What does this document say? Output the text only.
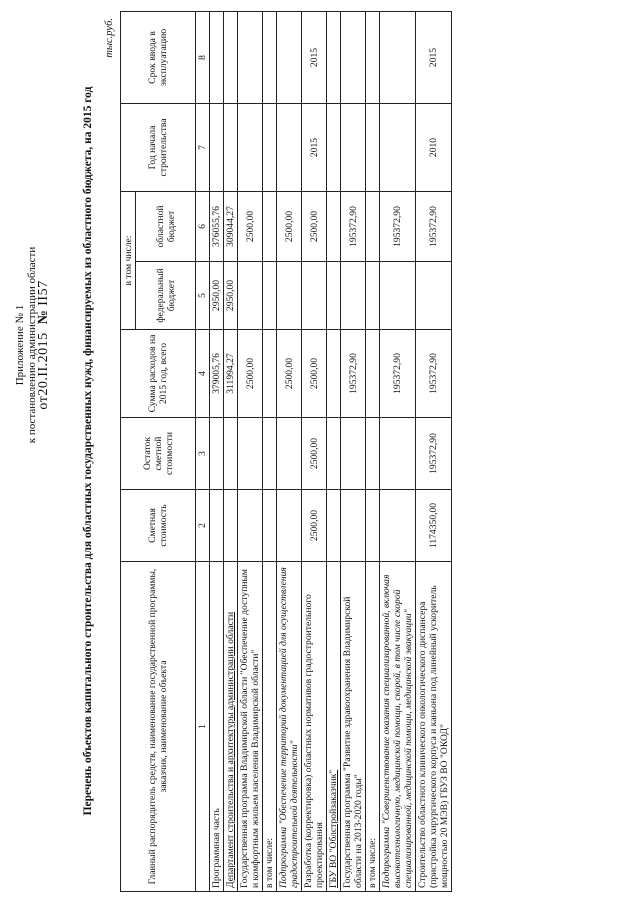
Приложение № 1 к постановлению администрации области
от20.II.2015 №II57	Перечень объектов капитального строительства для областных государственных нужд, финансируемых из областного бюджета, на 2015 год
тыс.руб.
Главный распорядитель средств, наименование государственной программы, заказчик, наименование объекта	Сметная стоимость	Остаток сметной стоимости	Сумма расходов на 2015 год, всего	в том числе:		Год начала строительства	Срок ввода в эксплуатацию
				федеральный бюджет	областной бюджет		
1	2	3	4	5	6	7	8
Программная часть			379005,76	2950,00	376055,76		
Департамент строительства и архитектуры администрации области			311994,27	2950,00	309044,27		
Государственная программа Владимирской области "Обеспечение доступным и комфортным жильем населения Владимирской области"			2500,00		2500,00		
в том числе:							
Подпрограмма "Обеспечение территорий документацией для осуществления градостроительной деятельности"			2500,00		2500,00		
Разработка (корректировка) областных нормативов градостроительного проектирования	2500,00	2500,00	2500,00		2500,00	2015	2015
ГБУ ВО "Облстройзаказчик"							
Государственная программа "Развитие здравоохранения Владимирской области на 2013-2020 годы"			195372,90		195372,90		
в том числе:							
Подпрограмма "Совершенствование оказания специализированной, включая высокотехнологичную, медицинской помощи, скорой, в том числе скорой специализированной, медицинской помощи, медицинской эвакуации"			195372,90		195372,90		
Строительство областного клинического онкологического диспансера (пристройка хирургического корпуса и каньона под линейный ускоритель мощностью 20 МЭВ) ГБУЗ ВО "ОКОД"	1174350,00	195372,90	195372,90		195372,90	2010	2015
